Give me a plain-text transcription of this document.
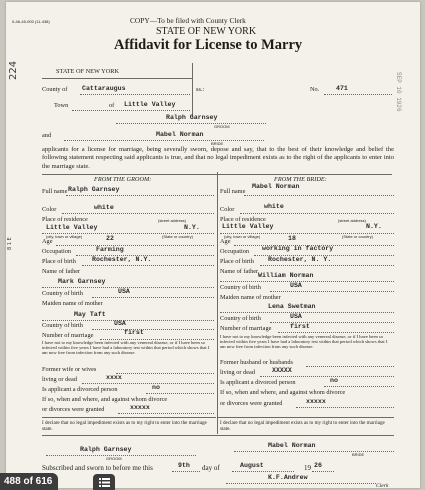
0-46-45-000 (11-438)	COPY—To be filed with County Clerk
STATE OF NEW YORK
Affidavit for License to Marry
224
SEP 10 1926
8 1 E
STATE OF NEW YORK
ss.:
County of Cattaraugus
Town	of Little Valley
No.	471
Ralph Garnsey
GROOM
and	Mabel Norman
BRIDE
applicants for a license for marriage, being severally sworn, depose and say, that to the best of their knowledge and belief the following statement respecting said applicants is true, and that no legal impediment exists as to the right of the applicants to enter into the marriage state.
FROM THE GROOM:	FROM THE BRIDE:
Full name Ralph Garnsey
Color	white
Place of residence	(street address)
Little Valley	N.Y.
(city, town or village)	(State or country)
Age	22
Occupation	Farming
Place of birth Rochester, N.Y.
Name of father
Mark Garnsey
Country of birth	USA
Maiden name of mother
May Taft
Country of birth	USA
Number of marriage	first
I have not to my knowledge been infected with any venereal disease, or if I have been so infected within five years I have had a laboratory test within that period which shows that I am now free from infection from any such disease.
Former wife or wives
living or dead	xxxx
Is applicant a divorced person	no
If so, when and where, and against whom divorce
or divorces were granted	xxxxx
I declare that no legal impediment exists as to my right to enter into the marriage state.
Full name
Mabel Norman
Color	white
Place of residence	(street address)
Little Valley	N.Y.
(city, town or village)	(State or country)
Age	18
Occupation working in factory
Place of birth Rochester, N. Y.
Name of father
William Norman
Country of birth	USA
Maiden name of mother
Lena Swetman
Country of birth	USA
Number of marriage	first
I have not to my knowledge been infected with any venereal disease, or if I have been so infected within five years I have had a laboratory test within that period which shows that I am now free from infection from any such disease.
Former husband or husbands
living or dead	XXXXX
Is applicant a divorced person	no
If so, when and where, and against whom divorce
or divorces were granted	xxxxx
I declare that no legal impediment exists as to my right to enter into the marriage state.
Ralph Garnsey
GROOM
Mabel Norman
BRIDE
Subscribed and sworn to before me this	9th day of	August	19 26
K.F.Andrew
Clerk
488 of 616
